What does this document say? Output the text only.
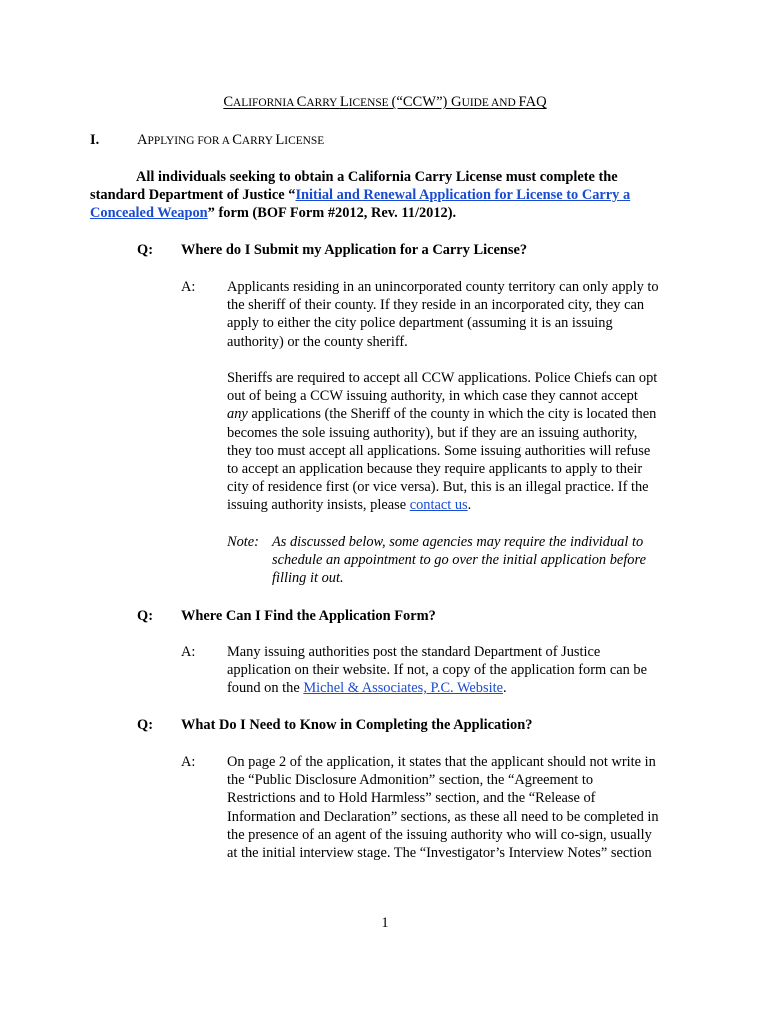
CALIFORNIA CARRY LICENSE (“CCW”) GUIDE AND FAQ
I.	APPLYING FOR A CARRY LICENSE
All individuals seeking to obtain a California Carry License must complete the
standard Department of Justice “Initial and Renewal Application for License to Carry a
Concealed Weapon” form (BOF Form #2012, Rev. 11/2012).
Q: Where do I Submit my Application for a Carry License?
A: Applicants residing in an unincorporated county territory can only apply to
the sheriff of their county. If they reside in an incorporated city, they can
apply to either the city police department (assuming it is an issuing
authority) or the county sheriff.
Sheriffs are required to accept all CCW applications. Police Chiefs can opt
out of being a CCW issuing authority, in which case they cannot accept
any applications (the Sheriff of the county in which the city is located then
becomes the sole issuing authority), but if they are an issuing authority,
they too must accept all applications. Some issuing authorities will refuse
to accept an application because they require applicants to apply to their
city of residence first (or vice versa). But, this is an illegal practice. If the
issuing authority insists, please contact us.
Note: As discussed below, some agencies may require the individual to
schedule an appointment to go over the initial application before
filling it out.
Q: Where Can I Find the Application Form?
A: Many issuing authorities post the standard Department of Justice
application on their website. If not, a copy of the application form can be
found on the Michel & Associates, P.C. Website.
Q: What Do I Need to Know in Completing the Application?
A: On page 2 of the application, it states that the applicant should not write in
the “Public Disclosure Admonition” section, the “Agreement to
Restrictions and to Hold Harmless” section, and the “Release of
Information and Declaration” sections, as these all need to be completed in
the presence of an agent of the issuing authority who will co-sign, usually
at the initial interview stage. The “Investigator’s Interview Notes” section
1
